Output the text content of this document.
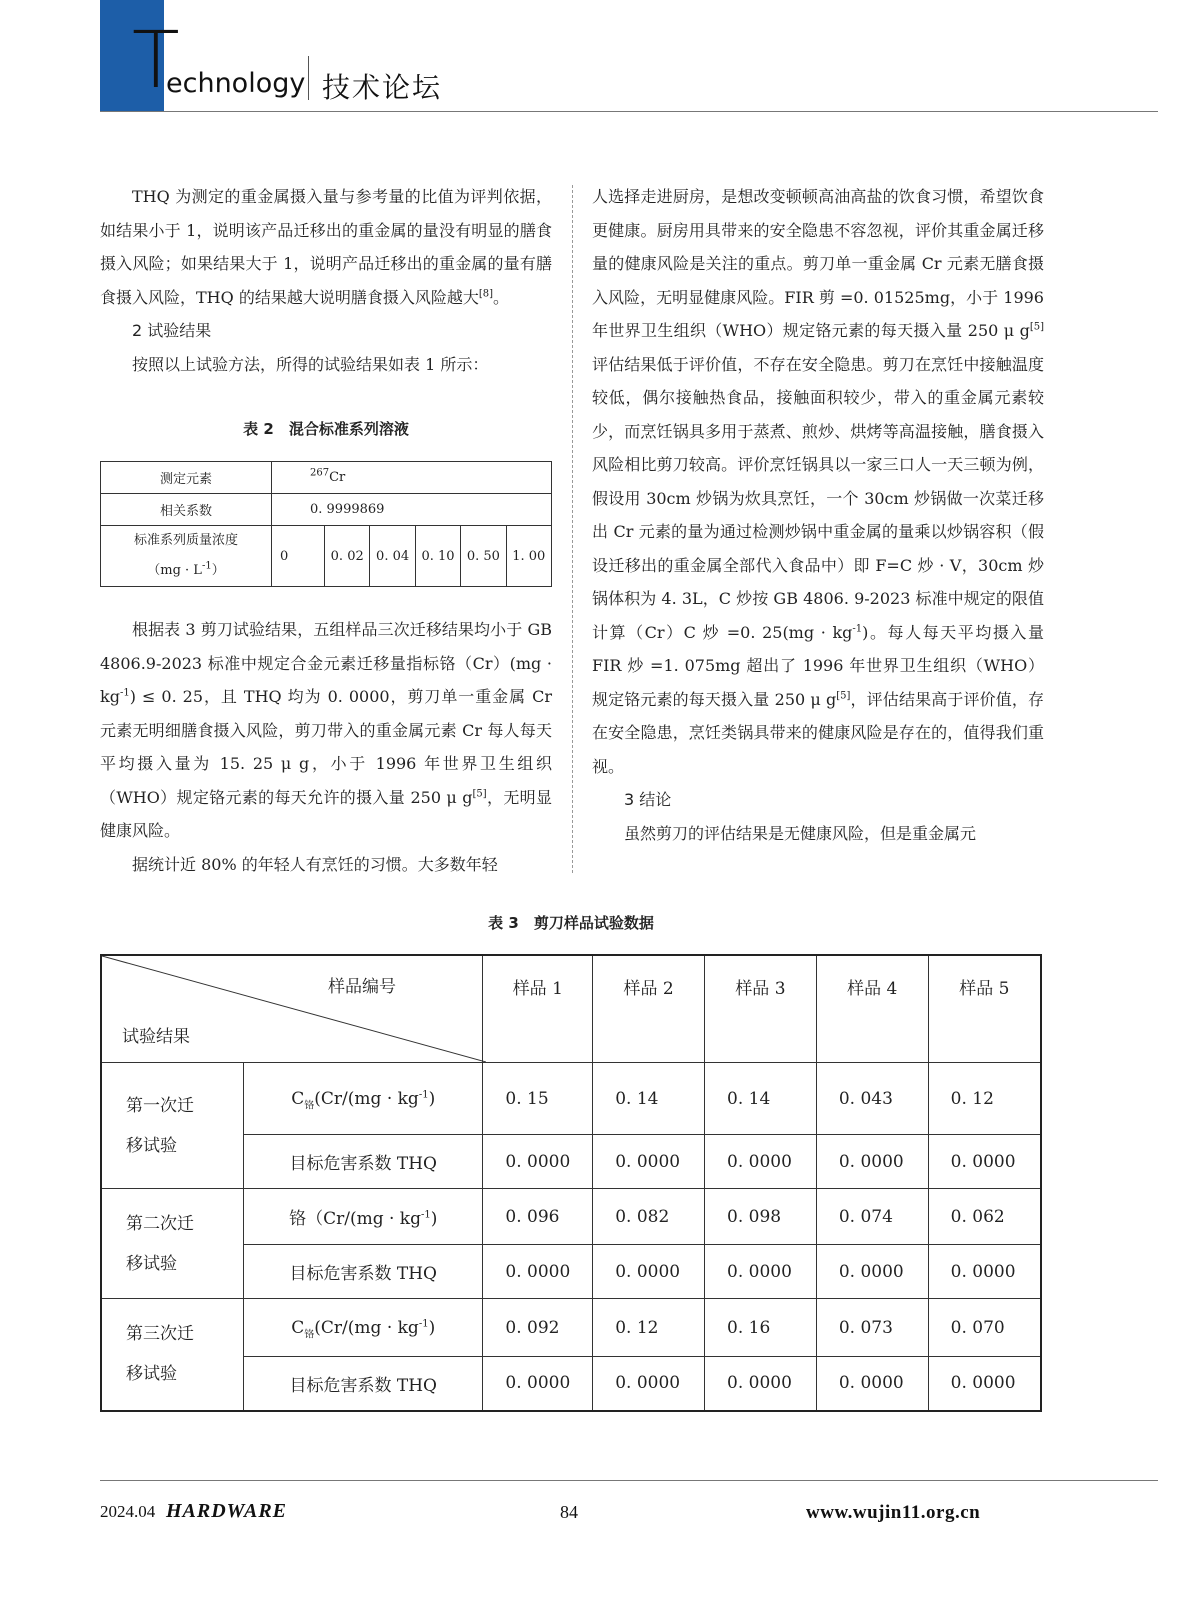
T
echnology 技术论坛

THQ 为测定的重金属摄入量与参考量的比值为评判依据，如结果小于 1，说明该产品迁移出的重金属的量没有明显的膳食摄入风险；如果结果大于 1，说明产品迁移出的重金属的量有膳食摄入风险，THQ 的结果越大说明膳食摄入风险越大[8]。

2 试验结果

按照以上试验方法，所得的试验结果如表 1 所示：

表 2　混合标准系列溶液
测定元素	$^{267}$Cr					
相关系数	0. 9999869					

标准系列质量浓度
$(mg \cdot L^{-1})$	0	0. 02	0. 04	0. 10	0. 50	1. 00

根据表 3 剪刀试验结果，五组样品三次迁移结果均小于 GB 4806.9-2023 标准中规定合金元素迁移量指标铬$(Cr)(mg \cdot kg^{-1}) \le 0$. 25，且 THQ 均为 0. 0000，剪刀单一重金属 Cr 元素无明细膳食摄入风险，剪刀带入的重金属元素 Cr 每人每天平均摄入量为 15. 25 μ g，小于 1996 年世界卫生组织（WHO）规定铬元素的每天允许的摄入量 250 μ g[5]，无明显健康风险。

据统计近 80% 的年轻人有烹饪的习惯。大多数年轻

人选择走进厨房，是想改变顿顿高油高盐的饮食习惯，希望饮食更健康。厨房用具带来的安全隐患不容忽视，评价其重金属迁移量的健康风险是关注的重点。剪刀单一重金属 Cr 元素无膳食摄入风险，无明显健康风险。FIR 剪 =0. 01525mg，小于 1996 年世界卫生组织（WHO）规定铬元素的每天摄入量 250 μ g[5] 评估结果低于评价值，不存在安全隐患。剪刀在烹饪中接触温度较低，偶尔接触热食品，接触面积较少，带入的重金属元素较少，而烹饪锅具多用于蒸煮、煎炒、烘烤等高温接触，膳食摄入风险相比剪刀较高。评价烹饪锅具以一家三口人一天三顿为例，假设用 30cm 炒锅为炊具烹饪，一个 30cm 炒锅做一次菜迁移出 Cr 元素的量为通过检测炒锅中重金属的量乘以炒锅容积（假设迁移出的重金属全部代入食品中）即 F=C 炒 · V，30cm 炒锅体积为 4. 3L，C 炒按 GB 4806. 9-2023 标准中规定的限值计算（Cr）C 炒 =0. $25(mg \cdot kg^{-1})$。每人每天平均摄入量 FIR 炒 =1. 075mg 超出了 1996 年世界卫生组织（WHO）规定铬元素的每天摄入量 250 μ g[5]，评估结果高于评价值，存在安全隐患，烹饪类锅具带来的健康风险是存在的，值得我们重视。

3 结论

虽然剪刀的评估结果是无健康风险，但是重金属元

表 3　剪刀样品试验数据
样品编号
试验结果		样品 1	样品 2	样品 3	样品 4	样品 5

第一次迁
移试验	$C_铬(Cr/(mg \cdot kg^{-1})$	0. 15	0. 14	0. 14	0. 043	0. 12
	目标危害系数 THQ	0. 0000	0. 0000	0. 0000	0. 0000	0. 0000

第二次迁
移试验	铬（$Cr/(mg \cdot kg^{-1})$	0. 096	0. 082	0. 098	0. 074	0. 062
	目标危害系数 THQ	0. 0000	0. 0000	0. 0000	0. 0000	0. 0000

第三次迁
移试验	$C_铬(Cr/(mg \cdot kg^{-1})$	0. 092	0. 12	0. 16	0. 073	0. 070
	目标危害系数 THQ	0. 0000	0. 0000	0. 0000	0. 0000	0. 0000
2024.04 HARDWARE	84	www.wujin11.org.cn
